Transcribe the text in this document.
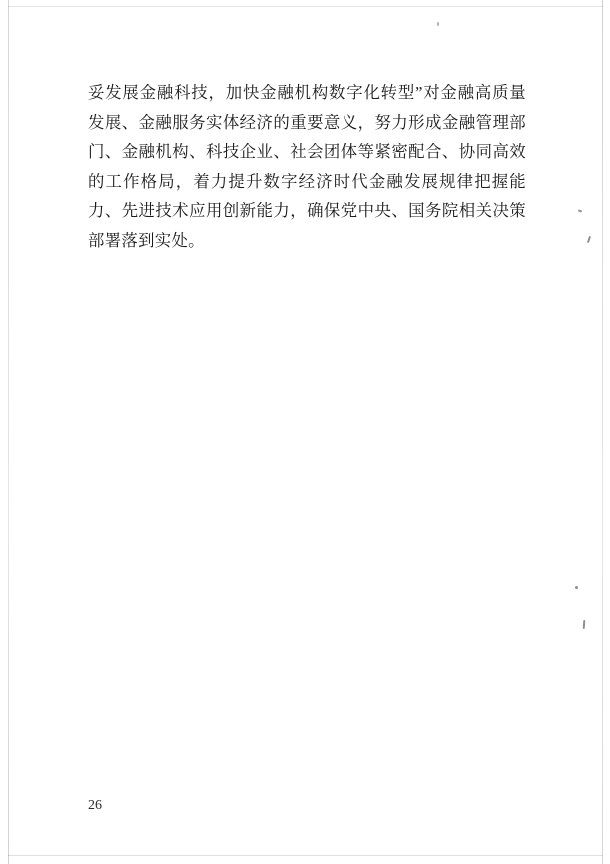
妥发展金融科技，加快金融机构数字化转型”对金融高质量发展、金融服务实体经济的重要意义，努力形成金融管理部门、金融机构、科技企业、社会团体等紧密配合、协同高效的工作格局，着力提升数字经济时代金融发展规律把握能力、先进技术应用创新能力，确保党中央、国务院相关决策部署落到实处。
26
